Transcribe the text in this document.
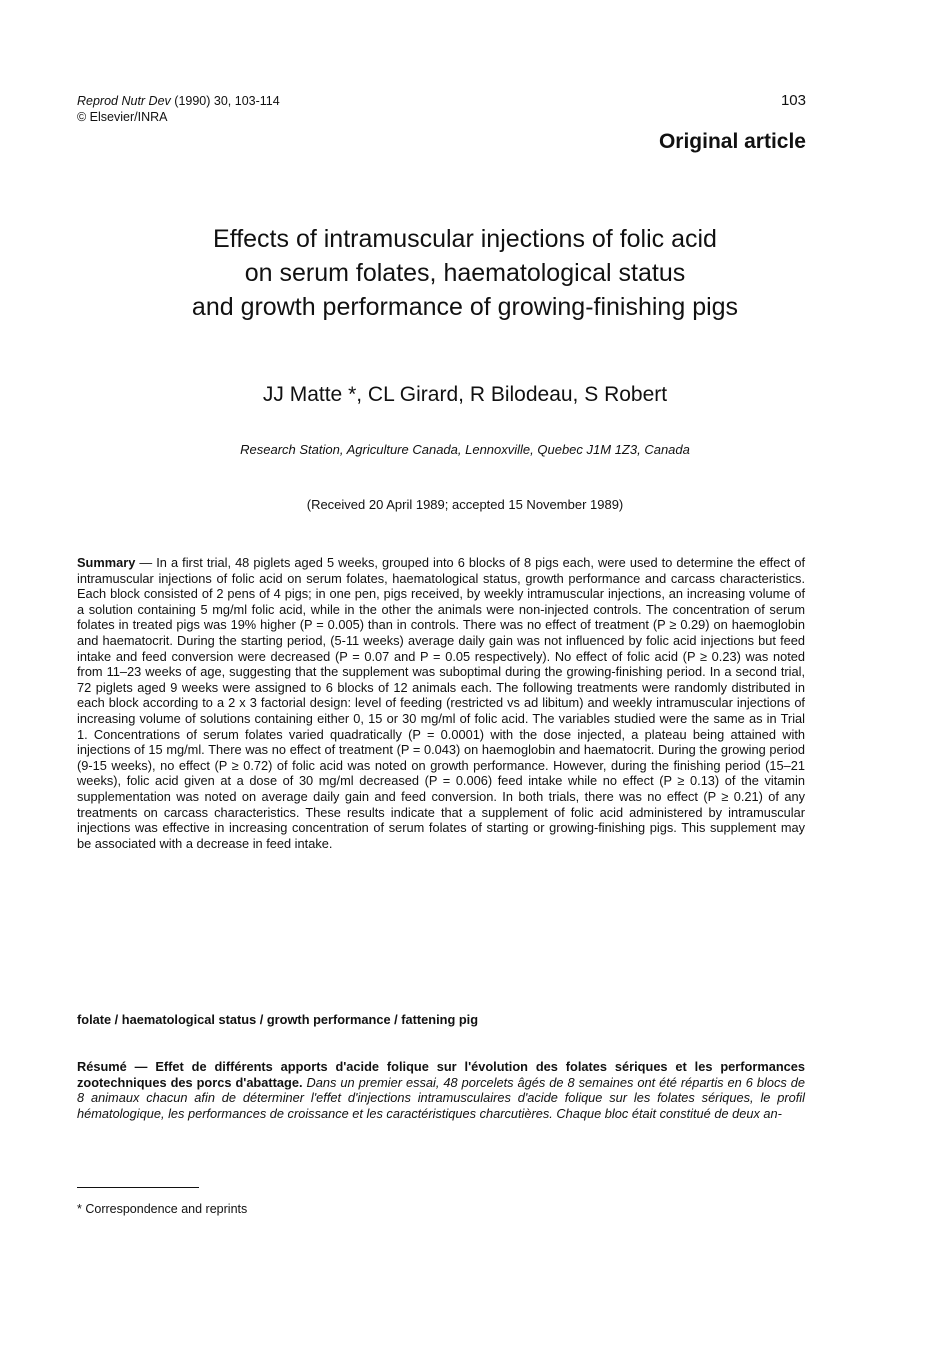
Reprod Nutr Dev (1990) 30, 103-114
© Elsevier/INRA
103
Original article
Effects of intramuscular injections of folic acid
on serum folates, haematological status
and growth performance of growing-finishing pigs
JJ Matte *, CL Girard, R Bilodeau, S Robert
Research Station, Agriculture Canada, Lennoxville, Quebec J1M 1Z3, Canada
(Received 20 April 1989; accepted 15 November 1989)
Summary — In a first trial, 48 piglets aged 5 weeks, grouped into 6 blocks of 8 pigs each, were used to determine the effect of intramuscular injections of folic acid on serum folates, haematological status, growth performance and carcass characteristics. Each block consisted of 2 pens of 4 pigs; in one pen, pigs received, by weekly intramuscular injections, an increasing volume of a solution containing 5 mg/ml folic acid, while in the other the animals were non-injected controls. The concentration of serum folates in treated pigs was 19% higher (P = 0.005) than in controls. There was no effect of treatment (P ≥ 0.29) on haemoglobin and haematocrit. During the starting period, (5-11 weeks) average daily gain was not influenced by folic acid injections but feed intake and feed conversion were decreased (P = 0.07 and P = 0.05 respectively). No effect of folic acid (P ≥ 0.23) was noted from 11–23 weeks of age, suggesting that the supplement was suboptimal during the growing-finishing period. In a second trial, 72 piglets aged 9 weeks were assigned to 6 blocks of 12 animals each. The following treatments were randomly distributed in each block according to a 2 x 3 factorial design: level of feeding (restricted vs ad libitum) and weekly intramuscular injections of increasing volume of solutions containing either 0, 15 or 30 mg/ml of folic acid. The variables studied were the same as in Trial 1. Concentrations of serum folates varied quadratically (P = 0.0001) with the dose injected, a plateau being attained with injections of 15 mg/ml. There was no effect of treatment (P = 0.043) on haemoglobin and haematocrit. During the growing period (9-15 weeks), no effect (P ≥ 0.72) of folic acid was noted on growth performance. However, during the finishing period (15–21 weeks), folic acid given at a dose of 30 mg/ml decreased (P = 0.006) feed intake while no effect (P ≥ 0.13) of the vitamin supplementation was noted on average daily gain and feed conversion. In both trials, there was no effect (P ≥ 0.21) of any treatments on carcass characteristics. These results indicate that a supplement of folic acid administered by intramuscular injections was effective in increasing concentration of serum folates of starting or growing-finishing pigs. This supplement may be associated with a decrease in feed intake.
folate / haematological status / growth performance / fattening pig
Résumé — Effet de différents apports d'acide folique sur l'évolution des folates sériques et les performances zootechniques des porcs d'abattage. Dans un premier essai, 48 porcelets âgés de 8 semaines ont été répartis en 6 blocs de 8 animaux chacun afin de déterminer l'effet d'injections intramusculaires d'acide folique sur les folates sériques, le profil hématologique, les performances de croissance et les caractéristiques charcutières. Chaque bloc était constitué de deux an-
* Correspondence and reprints
